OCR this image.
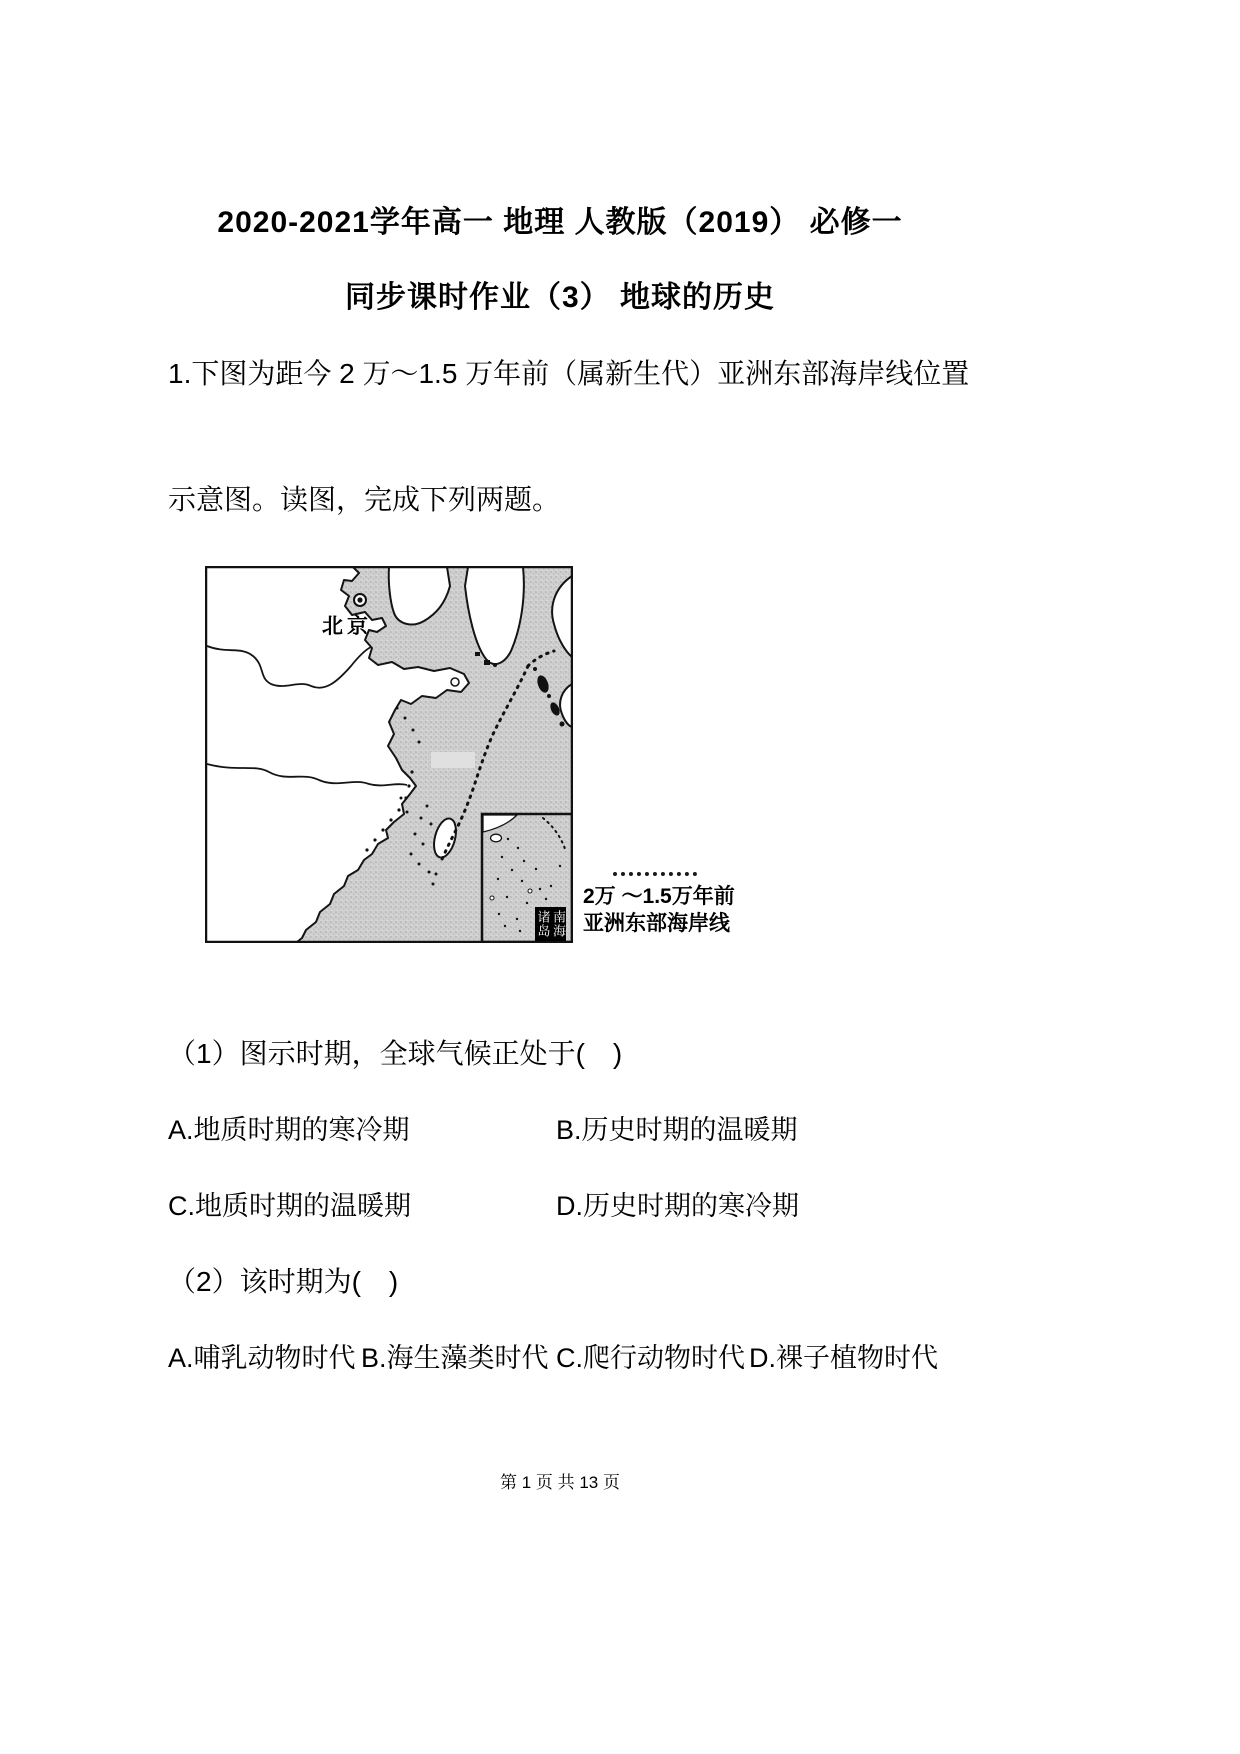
2020-2021学年高一 地理 人教版（2019） 必修一
同步课时作业（3） 地球的历史
1.下图为距今 2 万～1.5 万年前（属新生代）亚洲东部海岸线位置
示意图。读图，完成下列两题。
北京
南海诸岛
2万 ～1.5万年前
亚洲东部海岸线
（1）图示时期，全球气候正处于(　)
A.地质时期的寒冷期	B.历史时期的温暖期
C.地质时期的温暖期	D.历史时期的寒冷期
（2）该时期为(　)
A.哺乳动物时代 B.海生藻类时代 C.爬行动物时代 D.裸子植物时代
第 1 页 共 13 页
